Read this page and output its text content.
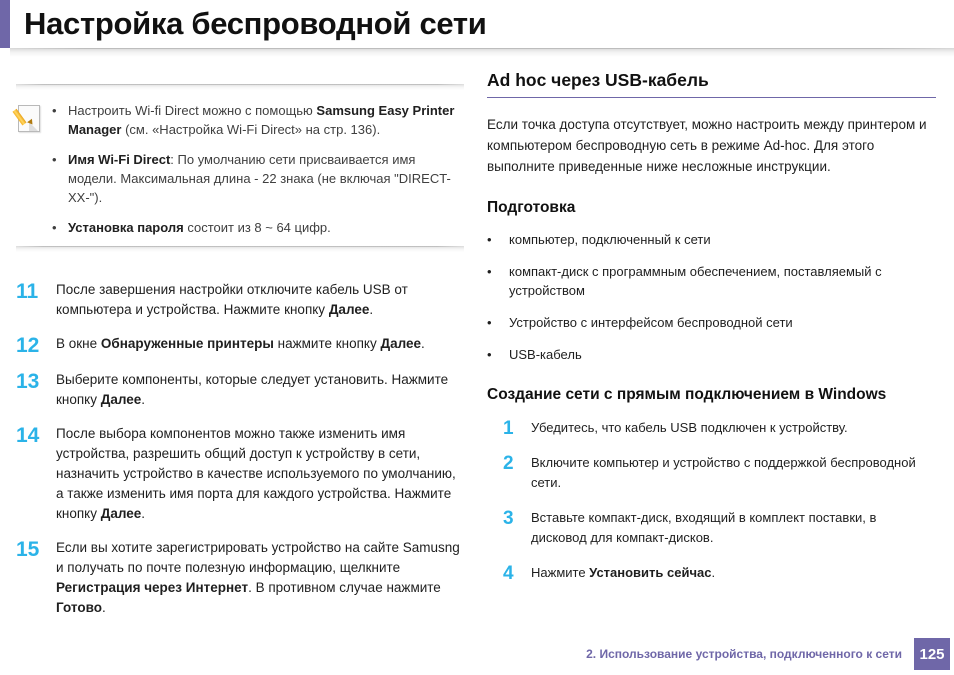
Настройка беспроводной сети
• Настроить Wi-fi Direct можно с помощью Samsung Easy Printer Manager (см. «Настройка Wi-Fi Direct» на стр. 136).
• Имя Wi-Fi Direct: По умолчанию сети присваивается имя модели. Максимальная длина - 22 знака (не включая "DIRECT-XX-").
• Установка пароля состоит из 8 ~ 64 цифр.
11	После завершения настройки отключите кабель USB от компьютера и устройства. Нажмите кнопку Далее.
12	В окне Обнаруженные принтеры нажмите кнопку Далее.
13	Выберите компоненты, которые следует установить. Нажмите кнопку Далее.
14	После выбора компонентов можно также изменить имя устройства, разрешить общий доступ к устройству в сети, назначить устройство в качестве используемого по умолчанию, а также изменить имя порта для каждого устройства. Нажмите кнопку Далее.
15	Если вы хотите зарегистрировать устройство на сайте Samusng и получать по почте полезную информацию, щелкните Регистрация через Интернет. В противном случае нажмите Готово.
Ad hoc через USB-кабель

Если точка доступа отсутствует, можно настроить между принтером и компьютером беспроводную сеть в режиме Ad-hoc. Для этого выполните приведенные ниже несложные инструкции.

Подготовка
•	компьютер, подключенный к сети
•	компакт-диск с программным обеспечением, поставляемый с устройством
•	Устройство с интерфейсом беспроводной сети
•	USB-кабель
Создание сети с прямым подключением в Windows
1	Убедитесь, что кабель USB подключен к устройству.
2	Включите компьютер и устройство с поддержкой беспроводной сети.
3	Вставьте компакт-диск, входящий в комплект поставки, в дисковод для компакт-дисков.
4	Нажмите Установить сейчас.
2. Использование устройства, подключенного к сети	125
